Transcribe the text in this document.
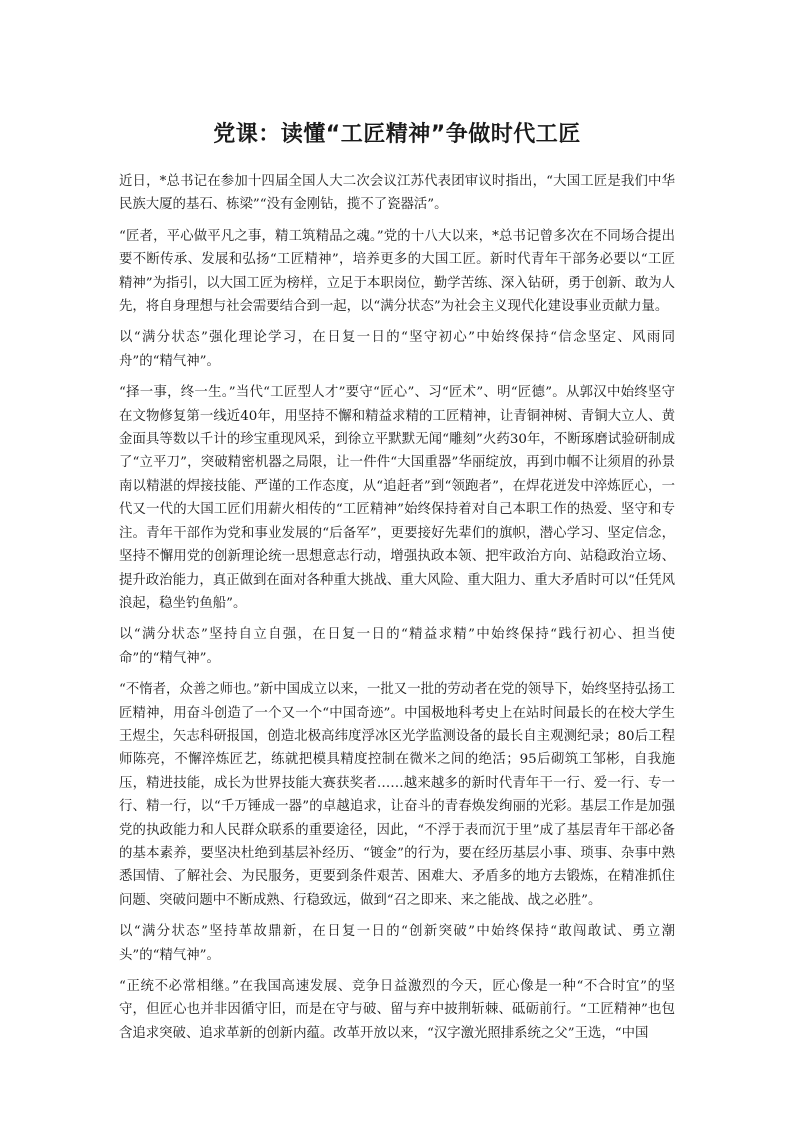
党课：读懂“工匠精神”争做时代工匠

近日，*总书记在参加十四届全国人大二次会议江苏代表团审议时指出，“大国工匠是我们中华民族大厦的基石、栋梁”“没有金刚钻，揽不了瓷器活”。

“匠者，平心做平凡之事，精工筑精品之魂。”党的十八大以来，*总书记曾多次在不同场合提出要不断传承、发展和弘扬“工匠精神”，培养更多的大国工匠。新时代青年干部务必要以“工匠精神”为指引，以大国工匠为榜样，立足于本职岗位，勤学苦练、深入钻研，勇于创新、敢为人先，将自身理想与社会需要结合到一起，以“满分状态”为社会主义现代化建设事业贡献力量。

以“满分状态”强化理论学习，在日复一日的“坚守初心”中始终保持“信念坚定、风雨同舟”的“精气神”。

“择一事，终一生。”当代“工匠型人才”要守“匠心”、习“匠术”、明“匠德”。从郭汉中始终坚守在文物修复第一线近40年，用坚持不懈和精益求精的工匠精神，让青铜神树、青铜大立人、黄金面具等数以千计的珍宝重现风采，到徐立平默默无闻“雕刻”火药30年，不断琢磨试验研制成了“立平刀”，突破精密机器之局限，让一件件“大国重器”华丽绽放，再到巾帼不让须眉的孙景南以精湛的焊接技能、严谨的工作态度，从“追赶者”到“领跑者”，在焊花迸发中淬炼匠心，一代又一代的大国工匠们用薪火相传的“工匠精神”始终保持着对自己本职工作的热爱、坚守和专注。青年干部作为党和事业发展的“后备军”，更要接好先辈们的旗帜，潜心学习、坚定信念，坚持不懈用党的创新理论统一思想意志行动，增强执政本领、把牢政治方向、站稳政治立场、提升政治能力，真正做到在面对各种重大挑战、重大风险、重大阻力、重大矛盾时可以“任凭风浪起，稳坐钓鱼船”。

以“满分状态”坚持自立自强，在日复一日的“精益求精”中始终保持“践行初心、担当使命”的“精气神”。

“不惰者，众善之师也。”新中国成立以来，一批又一批的劳动者在党的领导下，始终坚持弘扬工匠精神，用奋斗创造了一个又一个“中国奇迹”。中国极地科考史上在站时间最长的在校大学生王煜尘，矢志科研报国，创造北极高纬度浮冰区光学监测设备的最长自主观测纪录；80后工程师陈亮，不懈淬炼匠艺，练就把模具精度控制在微米之间的绝活；95后砌筑工邹彬，自我施压，精进技能，成长为世界技能大赛获奖者……越来越多的新时代青年干一行、爱一行、专一行、精一行，以“千万锤成一器”的卓越追求，让奋斗的青春焕发绚丽的光彩。基层工作是加强党的执政能力和人民群众联系的重要途径，因此，“不浮于表而沉于里”成了基层青年干部必备的基本素养，要坚决杜绝到基层补经历、“镀金”的行为，要在经历基层小事、琐事、杂事中熟悉国情、了解社会、为民服务，更要到条件艰苦、困难大、矛盾多的地方去锻炼，在精准抓住问题、突破问题中不断成熟、行稳致远，做到“召之即来、来之能战、战之必胜”。

以“满分状态”坚持革故鼎新，在日复一日的“创新突破”中始终保持“敢闯敢试、勇立潮头”的“精气神”。

“正统不必常相继。”在我国高速发展、竞争日益激烈的今天，匠心像是一种“不合时宜”的坚守，但匠心也并非因循守旧，而是在守与破、留与弃中披荆斩棘、砥砺前行。“工匠精神”也包含追求突破、追求革新的创新内蕴。改革开放以来，“汉字激光照排系统之父”王选，“中国
